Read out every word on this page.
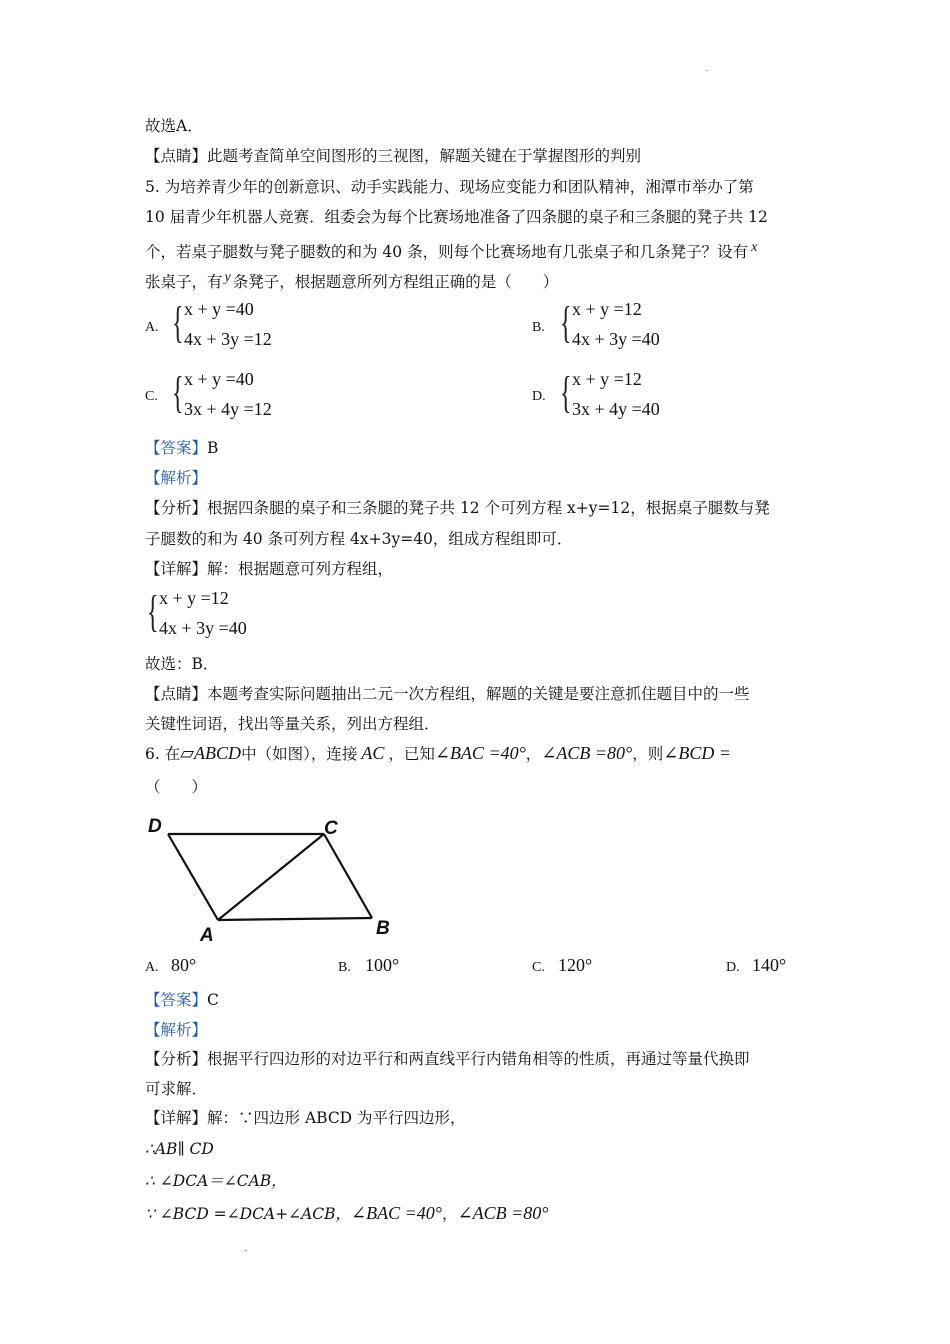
故选A．
【点睛】此题考查简单空间图形的三视图，解题关键在于掌握图形的判别
5. 为培养青少年的创新意识、动手实践能力、现场应变能力和团队精神，湘潭市举办了第
10 届青少年机器人竞赛．组委会为每个比赛场地准备了四条腿的桌子和三条腿的凳子共 12
个，若桌子腿数与凳子腿数的和为 40 条，则每个比赛场地有几张桌子和几条凳子？设有 x
张桌子，有 y 条凳子，根据题意所列方程组正确的是（　　）
A. { x + y =40
4x + 3y =12
B. { x + y =12
4x + 3y =40
C. { x + y =40
3x + 4y =12
D. { x + y =12
3x + 4y =40
【答案】B
【解析】
【分析】根据四条腿的桌子和三条腿的凳子共 12 个可列方程 x+y=12，根据桌子腿数与凳
子腿数的和为 40 条可列方程 4x+3y=40，组成方程组即可．
【详解】解：根据题意可列方程组，
{ x + y =12
4x + 3y =40
故选：B．
【点睛】本题考查实际问题抽出二元一次方程组，解题的关键是要注意抓住题目中的一些
关键性词语，找出等量关系，列出方程组．
6. 在▱ABCD中（如图），连接 AC ，已知∠BAC =40°，∠ACB =80°，则∠BCD =
（　　）
D	C
A	B
A. 80°	B. 100°	C. 120°	D. 140°
【答案】C
【解析】
【分析】根据平行四边形的对边平行和两直线平行内错角相等的性质，再通过等量代换即
可求解．
【详解】解：∵四边形 ABCD 为平行四边形，
∴AB∥ CD
∴ ∠DCA＝∠CAB，
∵ ∠BCD =∠DCA+∠ACB，∠BAC =40°，∠ACB =80°
